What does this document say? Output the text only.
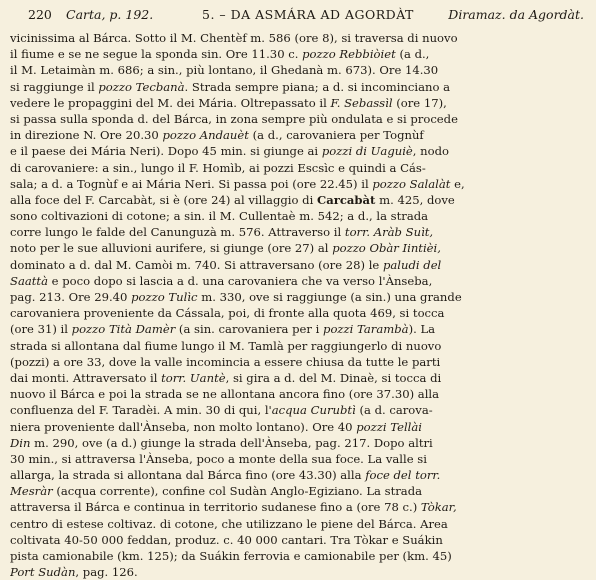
220 Carta, p. 192.	5. – DA ASMÁRA AD AGORDÀT	Diramaz. da Agordàt.
vicinissima al Bárca. Sotto il M. Chentèf m. 586 (ore 8), si traversa di nuovo
il fiume e se ne segue la sponda sin. Ore 11.30 c. pozzo Rebbiòiet (a d.,
il M. Letaimàn m. 686; a sin., più lontano, il Ghedanà m. 673). Ore 14.30
si raggiunge il pozzo Tecbanà. Strada sempre piana; a d. si incominciano a
vedere le propaggini del M. dei Mária. Oltrepassato il F. Sebassìl (ore 17),
si passa sulla sponda d. del Bárca, in zona sempre più ondulata e si procede
in direzione N. Ore 20.30 pozzo Andauèt (a d., carovaniera per Tognùf
e il paese dei Mária Neri). Dopo 45 min. si giunge ai pozzi di Uaguiè, nodo
di carovaniere: a sin., lungo il F. Homìb, ai pozzi Escsìc e quindi a Cás-
sala; a d. a Tognùf e ai Mária Neri. Si passa poi (ore 22.45) il pozzo Salalàt e,
alla foce del F. Carcabàt, si è (ore 24) al villaggio di Carcabàt m. 425, dove
sono coltivazioni di cotone; a sin. il M. Cullentaè m. 542; a d., la strada
corre lungo le falde del Canunguzà m. 576. Attraverso il torr. Aràb Suìt,
noto per le sue alluvioni aurifere, si giunge (ore 27) al pozzo Obàr Iintièi,
dominato a d. dal M. Camòi m. 740. Si attraversano (ore 28) le paludi del
Saattà e poco dopo si lascia a d. una carovaniera che va verso l'Ànseba,
pag. 213. Ore 29.40 pozzo Tulìc m. 330, ove si raggiunge (a sin.) una grande
carovaniera proveniente da Cássala, poi, di fronte alla quota 469, si tocca
(ore 31) il pozzo Tità Damèr (a sin. carovaniera per i pozzi Tarambà). La
strada si allontana dal fiume lungo il M. Tamlà per raggiungerlo di nuovo
(pozzi) a ore 33, dove la valle incomincia a essere chiusa da tutte le parti
dai monti. Attraversato il torr. Uantè, si gira a d. del M. Dinaè, si tocca di
nuovo il Bárca e poi la strada se ne allontana ancora fino (ore 37.30) alla
confluenza del F. Taradèi. A min. 30 di qui, l'acqua Curubtì (a d. carova-
niera proveniente dall'Ànseba, non molto lontano). Ore 40 pozzi Tellài
Din m. 290, ove (a d.) giunge la strada dell'Ànseba, pag. 217. Dopo altri
30 min., si attraversa l'Ànseba, poco a monte della sua foce. La valle si
allarga, la strada si allontana dal Bárca fino (ore 43.30) alla foce del torr.
Mesràr (acqua corrente), confine col Sudàn Anglo-Egiziano. La strada
attraversa il Bárca e continua in territorio sudanese fino a (ore 78 c.) Tòkar,
centro di estese coltivaz. di cotone, che utilizzano le piene del Bárca. Area
coltivata 40-50 000 feddan, produz. c. 40 000 cantari. Tra Tòkar e Suákin
pista camionabile (km. 125); da Suákin ferrovia e camionabile per (km. 45)
Port Sudàn, pag. 126.
